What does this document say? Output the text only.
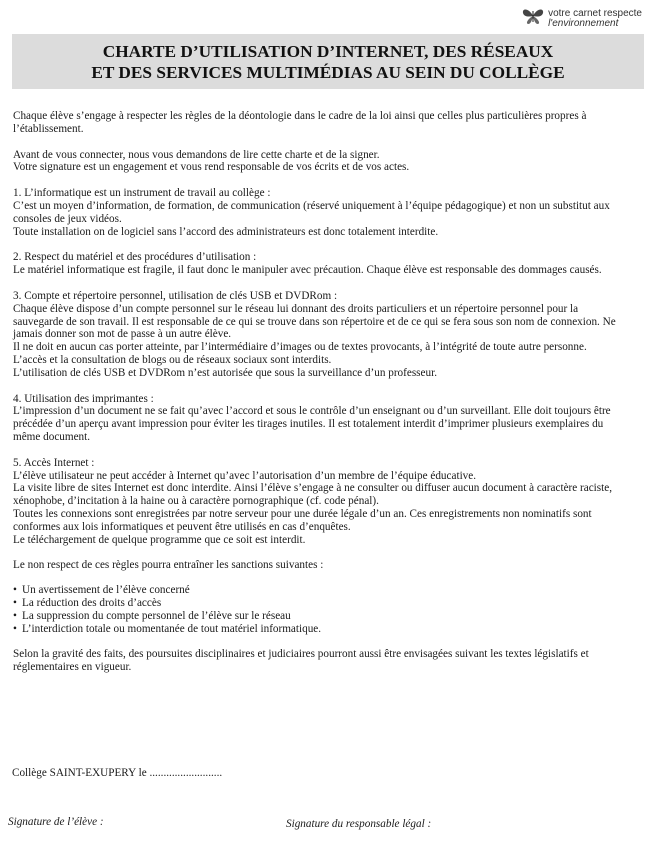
votre carnet respecte
l'environnement
CHARTE D’UTILISATION D’INTERNET, DES RÉSEAUX
ET DES SERVICES MULTIMÉDIAS AU SEIN DU COLLÈGE

Chaque élève s’engage à respecter les règles de la déontologie dans le cadre de la loi ainsi que celles plus particulières propres à l’établissement.

Avant de vous connecter, nous vous demandons de lire cette charte et de la signer.

Votre signature est un engagement et vous rend responsable de vos écrits et de vos actes.

1. L’informatique est un instrument de travail au collège :

C’est un moyen d’information, de formation, de communication (réservé uniquement à l’équipe pédagogique) et non un substitut aux consoles de jeux vidéos.

Toute installation on de logiciel sans l’accord des administrateurs est donc totalement interdite.

2. Respect du matériel et des procédures d’utilisation :

Le matériel informatique est fragile, il faut donc le manipuler avec précaution. Chaque élève est responsable des dommages causés.

3. Compte et répertoire personnel, utilisation de clés USB et DVDRom :

Chaque élève dispose d’un compte personnel sur le réseau lui donnant des droits particuliers et un répertoire personnel pour la sauvegarde de son travail. Il est responsable de ce qui se trouve dans son répertoire et de ce qui se fera sous son nom de connexion. Ne jamais donner son mot de passe à un autre élève.

Il ne doit en aucun cas porter atteinte, par l’intermédiaire d’images ou de textes provocants, à l’intégrité de toute autre personne.

L’accès et la consultation de blogs ou de réseaux sociaux sont interdits.

L’utilisation de clés USB et DVDRom n’est autorisée que sous la surveillance d’un professeur.

4. Utilisation des imprimantes :

L’impression d’un document ne se fait qu’avec l’accord et sous le contrôle d’un enseignant ou d’un surveillant. Elle doit toujours être précédée d’un aperçu avant impression pour éviter les tirages inutiles. Il est totalement interdit d’imprimer plusieurs exemplaires du même document.

5. Accès Internet :

L’élève utilisateur ne peut accéder à Internet qu’avec l’autorisation d’un membre de l’équipe éducative.

La visite libre de sites Internet est donc interdite. Ainsi l’élève s’engage à ne consulter ou diffuser aucun document à caractère raciste, xénophobe, d’incitation à la haine ou à caractère pornographique (cf. code pénal).

Toutes les connexions sont enregistrées par notre serveur pour une durée légale d’un an. Ces enregistrements non nominatifs sont conformes aux lois informatiques et peuvent être utilisés en cas d’enquêtes.

Le téléchargement de quelque programme que ce soit est interdit.

Le non respect de ces règles pourra entraîner les sanctions suivantes :

• Un avertissement de l’élève concerné
• La réduction des droits d’accès
• La suppression du compte personnel de l’élève sur le réseau
• L’interdiction totale ou momentanée de tout matériel informatique.

Selon la gravité des faits, des poursuites disciplinaires et judiciaires pourront aussi être envisagées suivant les textes législatifs et réglementaires en vigueur.

Collège SAINT-EXUPERY le ..........................
Signature de l’élève :	Signature du responsable légal :
